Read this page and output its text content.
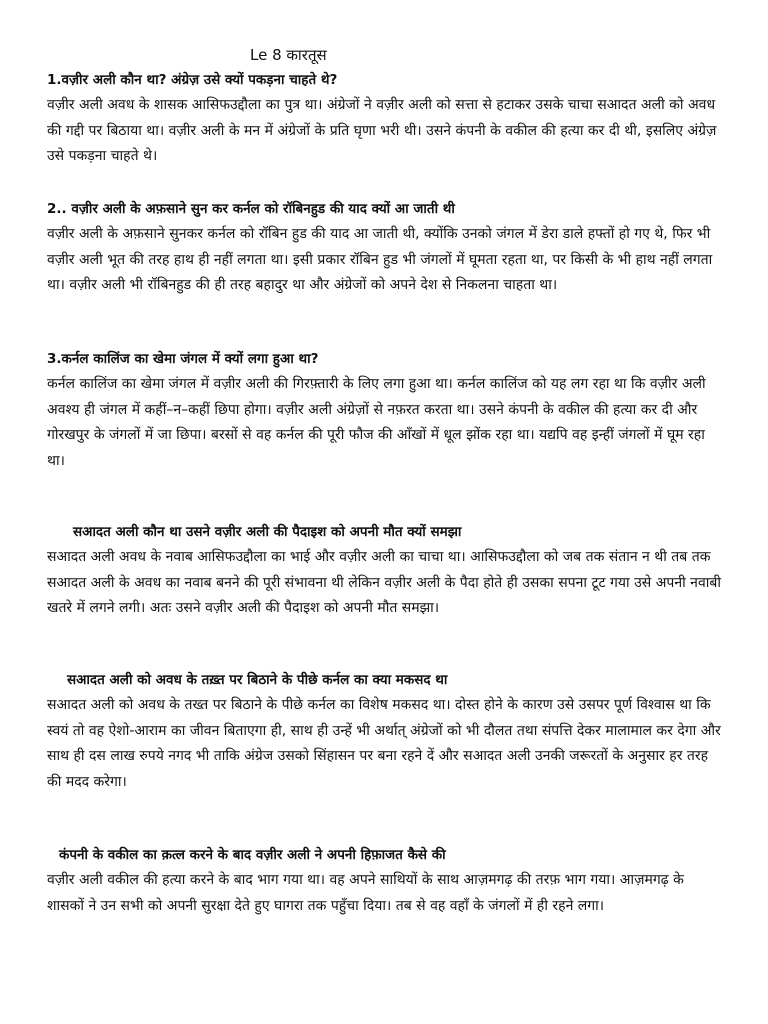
Le 8 कारतूस

1.वज़ीर अली कौन था? अंग्रेज़ उसे क्यों पकड़ना चाहते थे?

वज़ीर अली अवध के शासक आसिफउद्दौला का पुत्र था। अंग्रेजों ने वज़ीर अली को सत्ता से हटाकर उसके चाचा सआदत अली को अवध की गद्दी पर बिठाया था। वज़ीर अली के मन में अंग्रेजों के प्रति घृणा भरी थी। उसने कंपनी के वकील की हत्या कर दी थी, इसलिए अंग्रेज़ उसे पकड़ना चाहते थे।

2.. वज़ीर अली के अफ़साने सुन कर कर्नल को रॉबिनहुड की याद क्यों आ जाती थी

वज़ीर अली के अफ़साने सुनकर कर्नल को रॉबिन हुड की याद आ जाती थी, क्योंकि उनको जंगल में डेरा डाले हफ्तों हो गए थे, फिर भी वज़ीर अली भूत की तरह हाथ ही नहीं लगता था। इसी प्रकार रॉबिन हुड भी जंगलों में घूमता रहता था, पर किसी के भी हाथ नहीं लगता था। वज़ीर अली भी रॉबिनहुड की ही तरह बहादुर था और अंग्रेजों को अपने देश से निकलना चाहता था।

3.कर्नल कालिंज का खेमा जंगल में क्यों लगा हुआ था?

कर्नल कालिंज का खेमा जंगल में वज़ीर अली की गिरफ़्तारी के लिए लगा हुआ था। कर्नल कालिंज को यह लग रहा था कि वज़ीर अली अवश्य ही जंगल में कहीं–न–कहीं छिपा होगा। वज़ीर अली अंग्रेज़ों से नफ़रत करता था। उसने कंपनी के वकील की हत्या कर दी और गोरखपुर के जंगलों में जा छिपा। बरसों से वह कर्नल की पूरी फौज की आँखों में धूल झोंक रहा था। यद्यपि वह इन्हीं जंगलों में घूम रहा था।

सआदत अली कौन था उसने वज़ीर अली की पैदाइश को अपनी मौत क्यों समझा

सआदत अली अवध के नवाब आसिफउद्दौला का भाई और वज़ीर अली का चाचा था। आसिफउद्दौला को जब तक संतान न थी तब तक सआदत अली के अवध का नवाब बनने की पूरी संभावना थी लेकिन वज़ीर अली के पैदा होते ही उसका सपना टूट गया उसे अपनी नवाबी खतरे में लगने लगी। अतः उसने वज़ीर अली की पैदाइश को अपनी मौत समझा।

सआदत अली को अवध के तख़्त पर बिठाने के पीछे कर्नल का क्या मकसद था

सआदत अली को अवध के तख्त पर बिठाने के पीछे कर्नल का विशेष मकसद था। दोस्त होने के कारण उसे उसपर पूर्ण विश्वास था कि स्वयं तो वह ऐशो-आराम का जीवन बिताएगा ही, साथ ही उन्हें भी अर्थात् अंग्रेजों को भी दौलत तथा संपत्ति देकर मालामाल कर देगा और साथ ही दस लाख रुपये नगद भी ताकि अंग्रेज उसको सिंहासन पर बना रहने दें और सआदत अली उनकी जरूरतों के अनुसार हर तरह की मदद करेगा।

कंपनी के वकील का क़त्ल करने के बाद वज़ीर अली ने अपनी हिफ़ाजत कैसे की

वज़ीर अली वकील की हत्या करने के बाद भाग गया था। वह अपने साथियों के साथ आज़मगढ़ की तरफ़ भाग गया। आज़मगढ़ के शासकों ने उन सभी को अपनी सुरक्षा देते हुए घागरा तक पहुँचा दिया। तब से वह वहाँ के जंगलों में ही रहने लगा।
